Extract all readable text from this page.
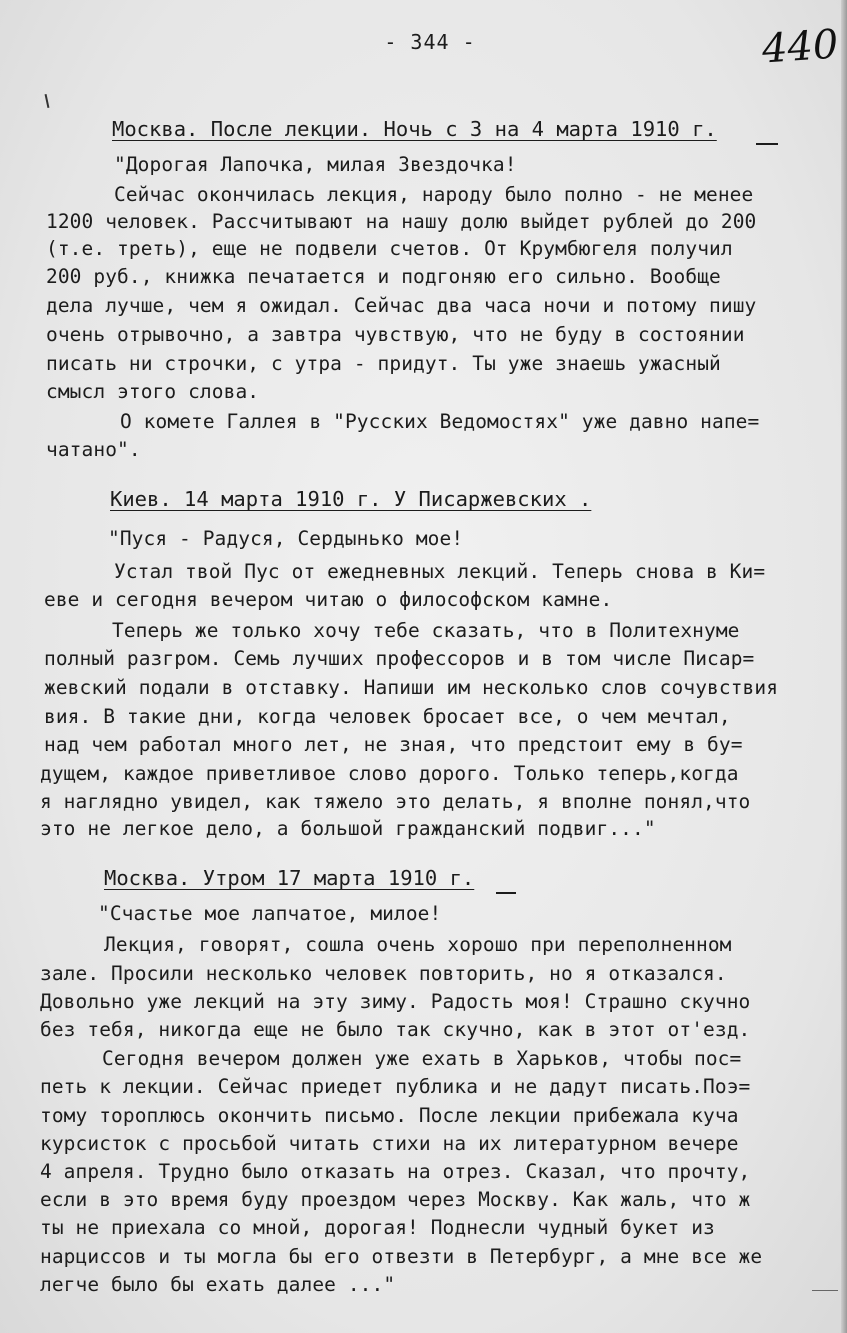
- 344 -	440
Москва. После лекции. Ночь с 3 на 4 марта 1910 г.
"Дорогая Лапочка, милая Звездочка!
Сейчас окончилась лекция, народу было полно - не менее
1200 человек. Рассчитывают на нашу долю выйдет рублей до 200
(т.е. треть), еще не подвели счетов. От Крумбюгеля получил
200 руб., книжка печатается и подгоняю его сильно. Вообще
дела лучше, чем я ожидал. Сейчас два часа ночи и потому пишу
очень отрывочно, а завтра чувствую, что не буду в состоянии
писать ни строчки, с утра - придут. Ты уже знаешь ужасный
смысл этого слова.
О комете Галлея в "Русских Ведомостях" уже давно напе=
чатано".
Киев. 14 марта 1910 г. У Писаржевских .
"Пуся - Радуся, Сердынько мое!
Устал твой Пус от ежедневных лекций. Теперь снова в Ки=
еве и сегодня вечером читаю о философском камне.
Теперь же только хочу тебе сказать, что в Политехнуме
полный разгром. Семь лучших профессоров и в том числе Писар=
жевский подали в отставку. Напиши им несколько слов сочувствия
вия. В такие дни, когда человек бросает все, о чем мечтал,
над чем работал много лет, не зная, что предстоит ему в бу=
дущем, каждое приветливое слово дорого. Только теперь,когда
я наглядно увидел, как тяжело это делать, я вполне понял,что
это не легкое дело, а большой гражданский подвиг..."
Москва. Утром 17 марта 1910 г.
"Счастье мое лапчатое, милое!
Лекция, говорят, сошла очень хорошо при переполненном
зале. Просили несколько человек повторить, но я отказался.
Довольно уже лекций на эту зиму. Радость моя! Страшно скучно
без тебя, никогда еще не было так скучно, как в этот от'езд.
Сегодня вечером должен уже ехать в Харьков, чтобы пос=
петь к лекции. Сейчас приедет публика и не дадут писать.Поэ=
тому тороплюсь окончить письмо. После лекции прибежала куча
курсисток с просьбой читать стихи на их литературном вечере
4 апреля. Трудно было отказать на отрез. Сказал, что прочту,
если в это время буду проездом через Москву. Как жаль, что ж
ты не приехала со мной, дорогая! Поднесли чудный букет из
нарциссов и ты могла бы его отвезти в Петербург, а мне все же
легче было бы ехать далее ..."
